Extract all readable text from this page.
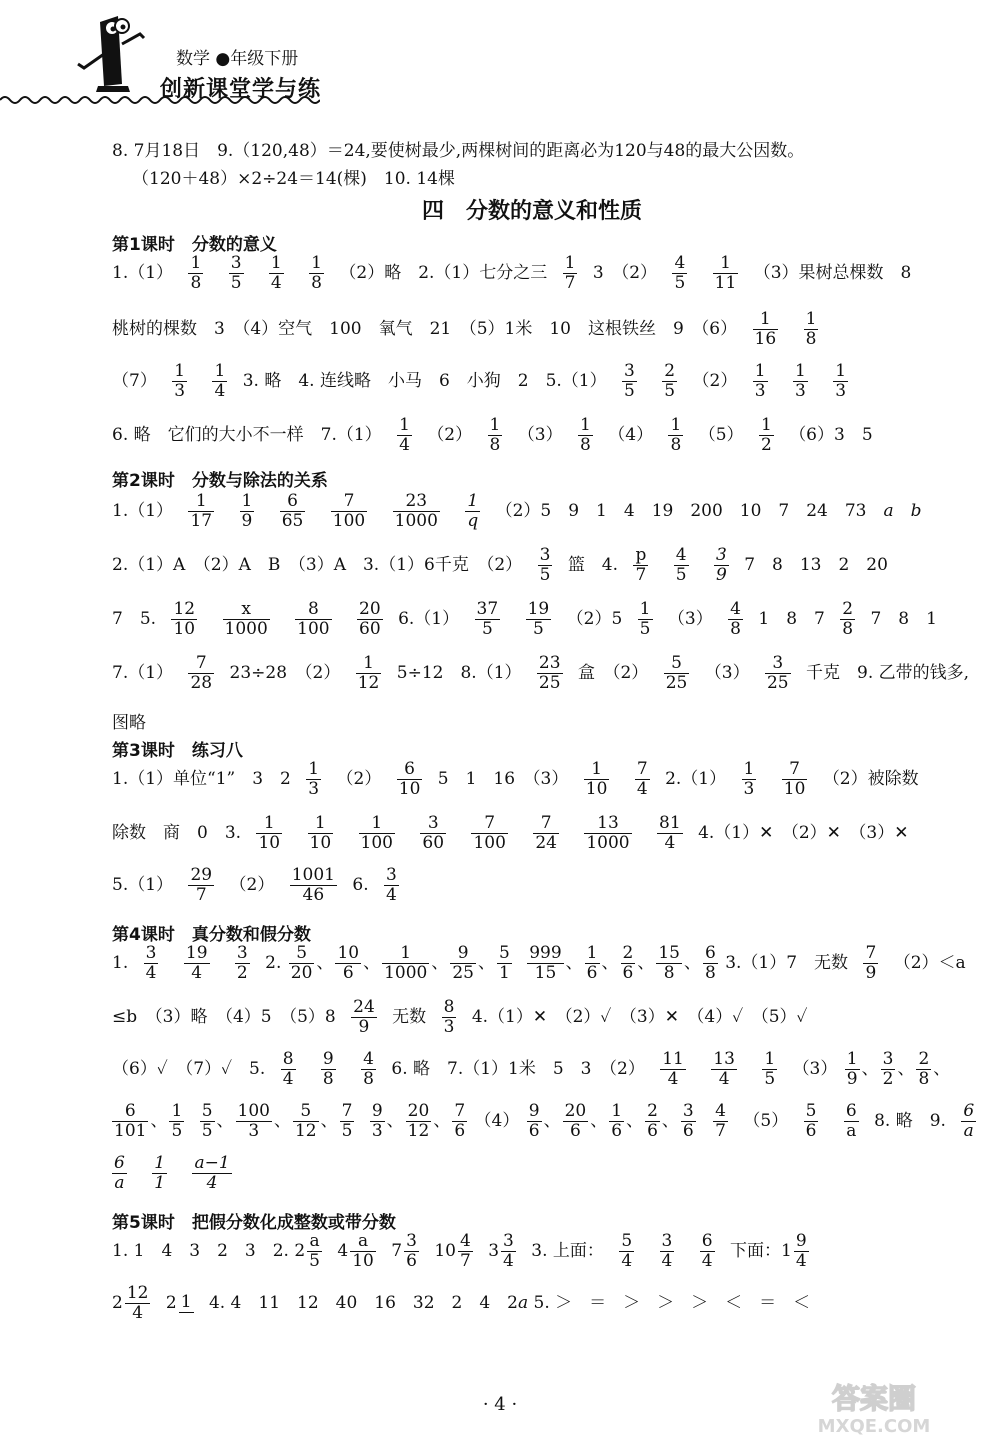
数学 ●年级下册
创新课堂学与练
8. 7月18日　9.（120,48）＝24,要使树最少,两棵树间的距离必为120与48的最大公因数。
（120＋48）×2÷24＝14(棵)　10. 14棵
四　分数的意义和性质
第1课时　分数的意义
$1.(1) \frac{1}{8}$
$\frac{3}{5}$
$\frac{1}{4}$
$\frac{1}{8} (2)$略　2.（1）七分之三 $\frac{1}{7} 3$　$(2) \frac{4}{5}$
$\frac{1}{11} (3)$果树总棵数　8
桃树的棵数　3　（4）空气　100　氧气　21　（5）1米　10　这根铁丝　9　$(6) \frac{1}{16}$
$\frac{1}{8}$
$(7) \frac{1}{3}$
$\frac{1}{4} 3$. 略　4. 连线略　小马　6　小狗　2　$5.(1) \frac{3}{5}$
$\frac{2}{5} (2) \frac{1}{3}$
$\frac{1}{3}$
$\frac{1}{3}$
6. 略　它们的大小不一样　$7.(1) \frac{1}{4} (2) \frac{1}{8} (3) \frac{1}{8} (4) \frac{1}{8} (5) \frac{1}{2} (6)3$　5
第2课时　分数与除法的关系
$1.(1) \frac{1}{17}$
$\frac{1}{9}$
$\frac{6}{65}$
$\frac{7}{100}$
$\frac{23}{1000}$
$\frac{1}{q} (2)5$　9　1　4　19　200　10　7　24　73　a　b
2.（1）A　（2）A　B　（3）A　3.（1）6千克　$(2) \frac{3}{5}$ 篮　4. $\frac{p}{7}$
$\frac{4}{5}$
$\frac{3}{9} 7$　8　13　2　20
7　5. $\frac{12}{10}$
$\frac{x}{1000}$
$\frac{8}{100}$
$\frac{20}{60} 6.(1) \frac{37}{5}$
$\frac{19}{5} (2)5 \frac{1}{5} (3) \frac{4}{8} 1$　8　$7 \frac{2}{8} 7$　8　1
$7.(1) \frac{7}{28} 23\div 28$　$(2) \frac{1}{12} 5\div 12$　$8.(1) \frac{23}{25}$ 盒　$(2) \frac{5}{25} (3) \frac{3}{25}$ 千克　9. 乙带的钱多,
图略
第3课时　练习八
1.（1）单位“1”　3　$2 \frac{1}{3} (2) \frac{6}{10} 5$　1　16　$(3) \frac{1}{10}$
$\frac{7}{4} 2.(1) \frac{1}{3}$
$\frac{7}{10} (2)$被除数
除数　商　0　3. $\frac{1}{10}$
$\frac{1}{10}$
$\frac{1}{100}$
$\frac{3}{60}$
$\frac{7}{100}$
$\frac{7}{24}$
$\frac{13}{1000}$
$\frac{81}{4}$ 4.（1）✕　（2）✕　（3）✕
$5.(1) \frac{29}{7} (2) \frac{1001}{46} 6$. $\frac{3}{4}$
第4课时　真分数和假分数
1. $\frac{3}{4}$
$\frac{19}{4}$
$\frac{3}{2} 2$. $\frac{5}{20}$ 、 $\frac{10}{6}$ 、 $\frac{1}{1000}$ 、 $\frac{9}{25}$ 、 $\frac{5}{1}$
$\frac{999}{15}$ 、 $\frac{1}{6}$ 、 $\frac{2}{6}$ 、 $\frac{15}{8}$ 、 $\frac{6}{8} 3.(1)7$　无数 $\frac{7}{9} (2)<a$
≤b　（3）略　（4）5　$(5)8 \frac{24}{9}$ 无数 $\frac{8}{3}$ 4.（1）✕　（2）✓　（3）✕　（4）✓　（5）✓
（6）✓　（7）✓　5. $\frac{8}{4}$
$\frac{9}{8}$
$\frac{4}{8} 6$. 略　7.（1）1米　5　3　$(2) \frac{11}{4}$
$\frac{13}{4}$
$\frac{1}{5} (3) \frac{1}{9}$ 、 $\frac{3}{2}$ 、 $\frac{2}{8}$ 、
$\frac{6}{101}$ 、 $\frac{1}{5}$
$\frac{5}{5}$ 、 $\frac{100}{3}$ 、 $\frac{5}{12}$ 、 $\frac{7}{5}$
$\frac{9}{3}$ 、 $\frac{20}{12}$ 、 $\frac{7}{6} (4) \frac{9}{6}$ 、 $\frac{20}{6}$ 、 $\frac{1}{6}$ 、 $\frac{2}{6}$ 、 $\frac{3}{6}$
$\frac{4}{7} (5) \frac{5}{6}$
$\frac{6}{a} 8$. 略　9. $\frac{6}{a}$
$\frac{6}{a}$
$\frac{1}{1}$
$\frac{a-1}{4}$
第5课时　把假分数化成整数或带分数
1. 1　4　3　2　3　2. $2 \frac{a}{5} 4 \frac{a}{10} 7 \frac{3}{6} 10 \frac{4}{7} 3 \frac{3}{4} 3$. 上面： $\frac{5}{4}$
$\frac{3}{4}$
$\frac{6}{4}$ 下面：$1 \frac{9}{4}$
$2 \frac{12}{4} 2$ 1 4. 4　11　12　40　16　32　2　4　2a 5. ＞　＝　＞　＞　＞　＜　＝　＜
· 4 ·	答案圈
MXQE.COM
